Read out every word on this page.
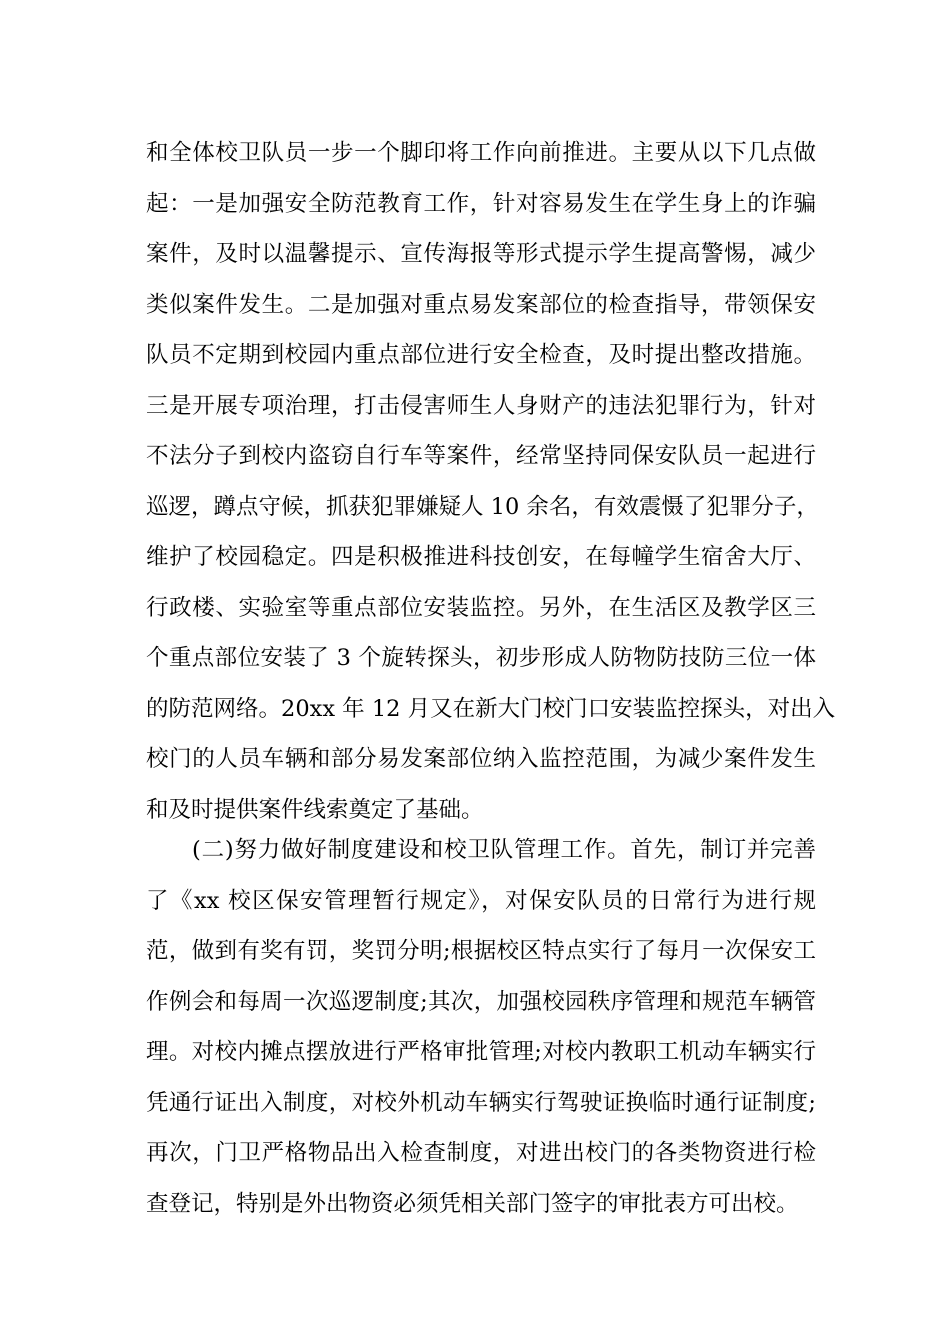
和全体校卫队员一步一个脚印将工作向前推进。主要从以下几点做
起：一是加强安全防范教育工作，针对容易发生在学生身上的诈骗
案件，及时以温馨提示、宣传海报等形式提示学生提高警惕，减少
类似案件发生。二是加强对重点易发案部位的检查指导，带领保安
队员不定期到校园内重点部位进行安全检查，及时提出整改措施。
三是开展专项治理，打击侵害师生人身财产的违法犯罪行为，针对
不法分子到校内盗窃自行车等案件，经常坚持同保安队员一起进行
巡逻，蹲点守候，抓获犯罪嫌疑人 10 余名，有效震慑了犯罪分子，
维护了校园稳定。四是积极推进科技创安，在每幢学生宿舍大厅、
行政楼、实验室等重点部位安装监控。另外，在生活区及教学区三
个重点部位安装了 3 个旋转探头，初步形成人防物防技防三位一体
的防范网络。20xx 年 12 月又在新大门校门口安装监控探头，对出入
校门的人员车辆和部分易发案部位纳入监控范围，为减少案件发生
和及时提供案件线索奠定了基础。
(二)努力做好制度建设和校卫队管理工作。首先，制订并完善
了《xx 校区保安管理暂行规定》，对保安队员的日常行为进行规
范，做到有奖有罚，奖罚分明;根据校区特点实行了每月一次保安工
作例会和每周一次巡逻制度;其次，加强校园秩序管理和规范车辆管
理。对校内摊点摆放进行严格审批管理;对校内教职工机动车辆实行
凭通行证出入制度，对校外机动车辆实行驾驶证换临时通行证制度;
再次，门卫严格物品出入检查制度，对进出校门的各类物资进行检
查登记，特别是外出物资必须凭相关部门签字的审批表方可出校。
